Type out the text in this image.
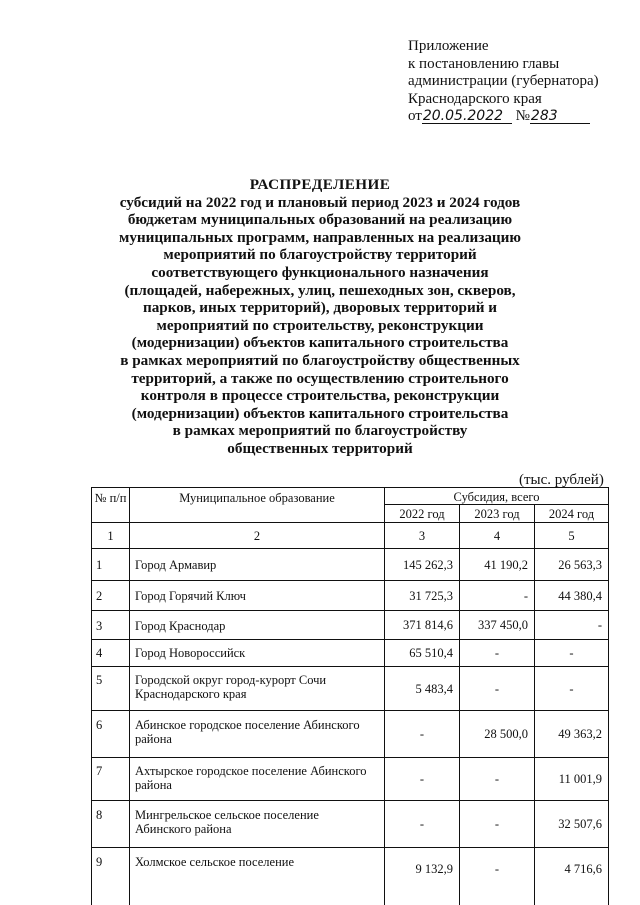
Приложение
к постановлению главы
администрации (губернатора)
Краснодарского края
от20.05.2022 №283
РАСПРЕДЕЛЕНИЕ
субсидий на 2022 год и плановый период 2023 и 2024 годов
бюджетам муниципальных образований на реализацию
муниципальных программ, направленных на реализацию
мероприятий по благоустройству территорий
соответствующего функционального назначения
(площадей, набережных, улиц, пешеходных зон, скверов,
парков, иных территорий), дворовых территорий и
мероприятий по строительству, реконструкции
(модернизации) объектов капитального строительства
в рамках мероприятий по благоустройству общественных
территорий, а также по осуществлению строительного
контроля в процессе строительства, реконструкции
(модернизации) объектов капитального строительства
в рамках мероприятий по благоустройству
общественных территорий
(тыс. рублей)
№ п/п	Муниципальное образование	Субсидия, всего
2022 год	2023 год	2024 год
1	2	3	4	5
1	Город Армавир	145 262,3	41 190,2	26 563,3
2	Город Горячий Ключ	31 725,3	-	44 380,4
3	Город Краснодар	371 814,6	337 450,0	-
4	Город Новороссийск	65 510,4	-	-
5	Городской округ город-курорт Сочи Краснодарского края	5 483,4	-	-
6	Абинское городское поселение Абинского района	-	28 500,0	49 363,2
7	Ахтырское городское поселение Абинского района	-	-	11 001,9
8	Мингрельское сельское поселение Абинского района	-	-	32 507,6
9	Холмское сельское поселение	9 132,9	-	4 716,6
